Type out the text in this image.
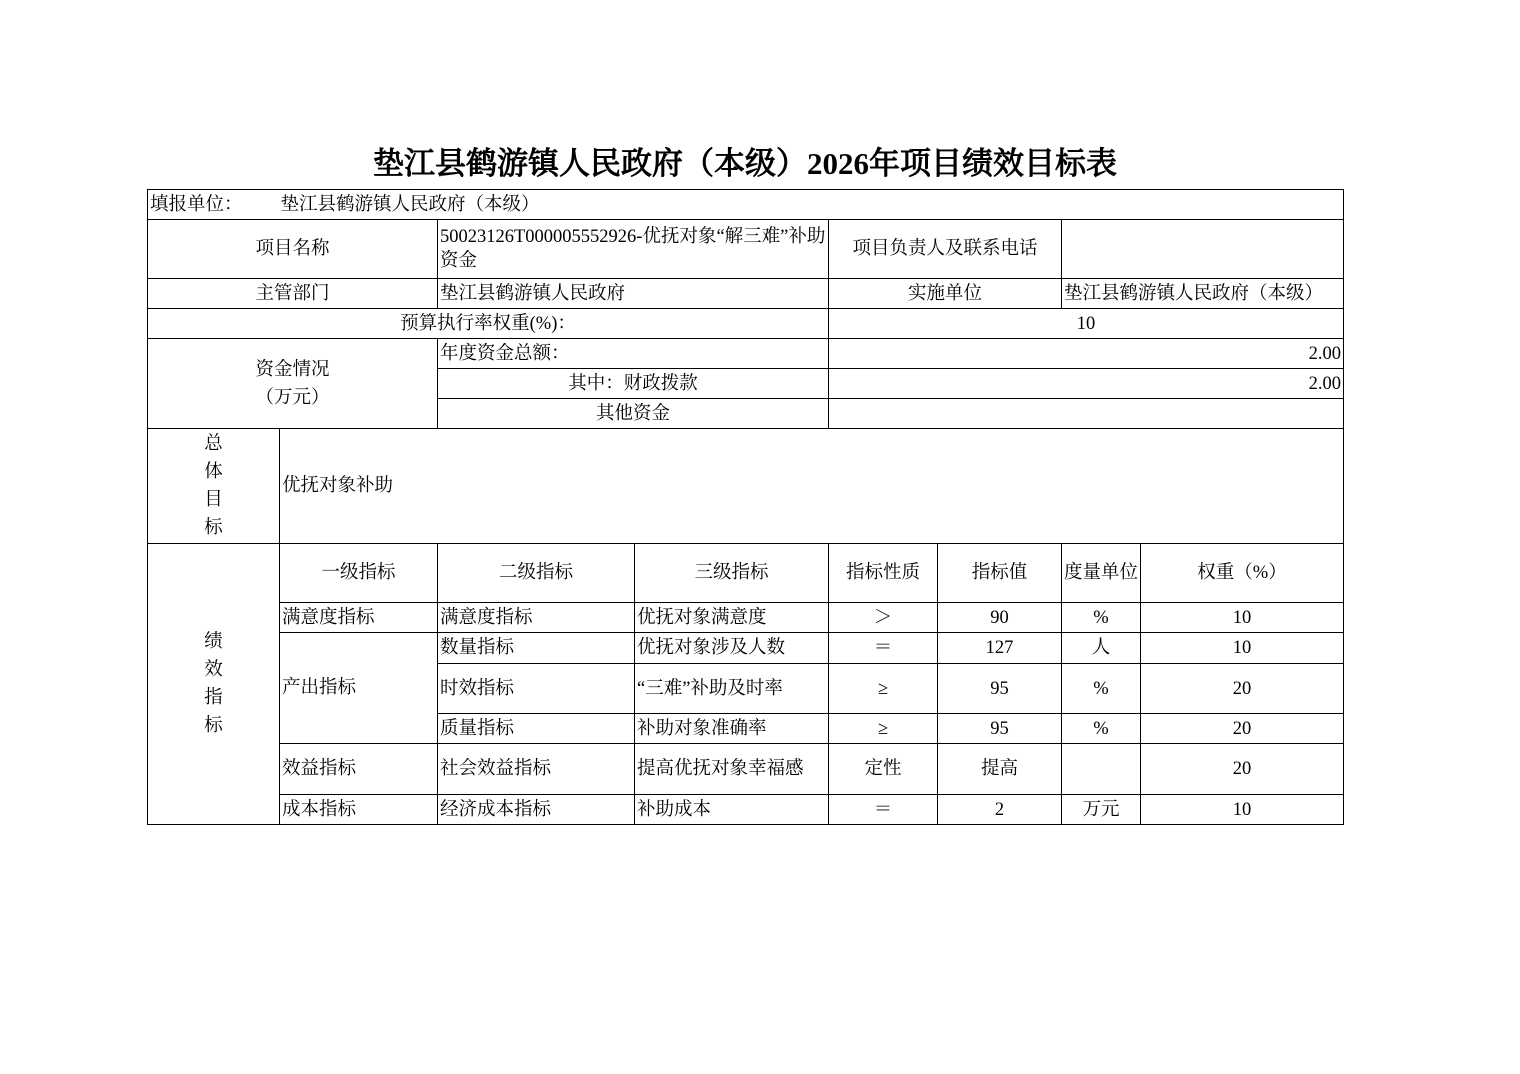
垫江县鹤游镇人民政府（本级）2026年项目绩效目标表
填报单位： 垫江县鹤游镇人民政府（本级）							
项目名称		50023126T000005552926-优抚对象“解三难”补助资金		项目负责人及联系电话			
主管部门		垫江县鹤游镇人民政府		实施单位		垫江县鹤游镇人民政府（本级）	
预算执行率权重(%)：				10			
资金情况
（万元）		年度资金总额：		2.00			
		其中：财政拨款		2.00			
		其他资金					

总
体
目
标	优抚对象补助						

绩
效
指
标	一级指标	二级指标	三级指标	指标性质	指标值	度量单位	权重（%）
	满意度指标	满意度指标	优抚对象满意度	＞	90	%	10
	产出指标	数量指标	优抚对象涉及人数	＝	127	人	10
		时效指标	“三难”补助及时率	≥	95	%	20
		质量指标	补助对象准确率	≥	95	%	20
	效益指标	社会效益指标	提高优抚对象幸福感	定性	提高		20
	成本指标	经济成本指标	补助成本	＝	2	万元	10
